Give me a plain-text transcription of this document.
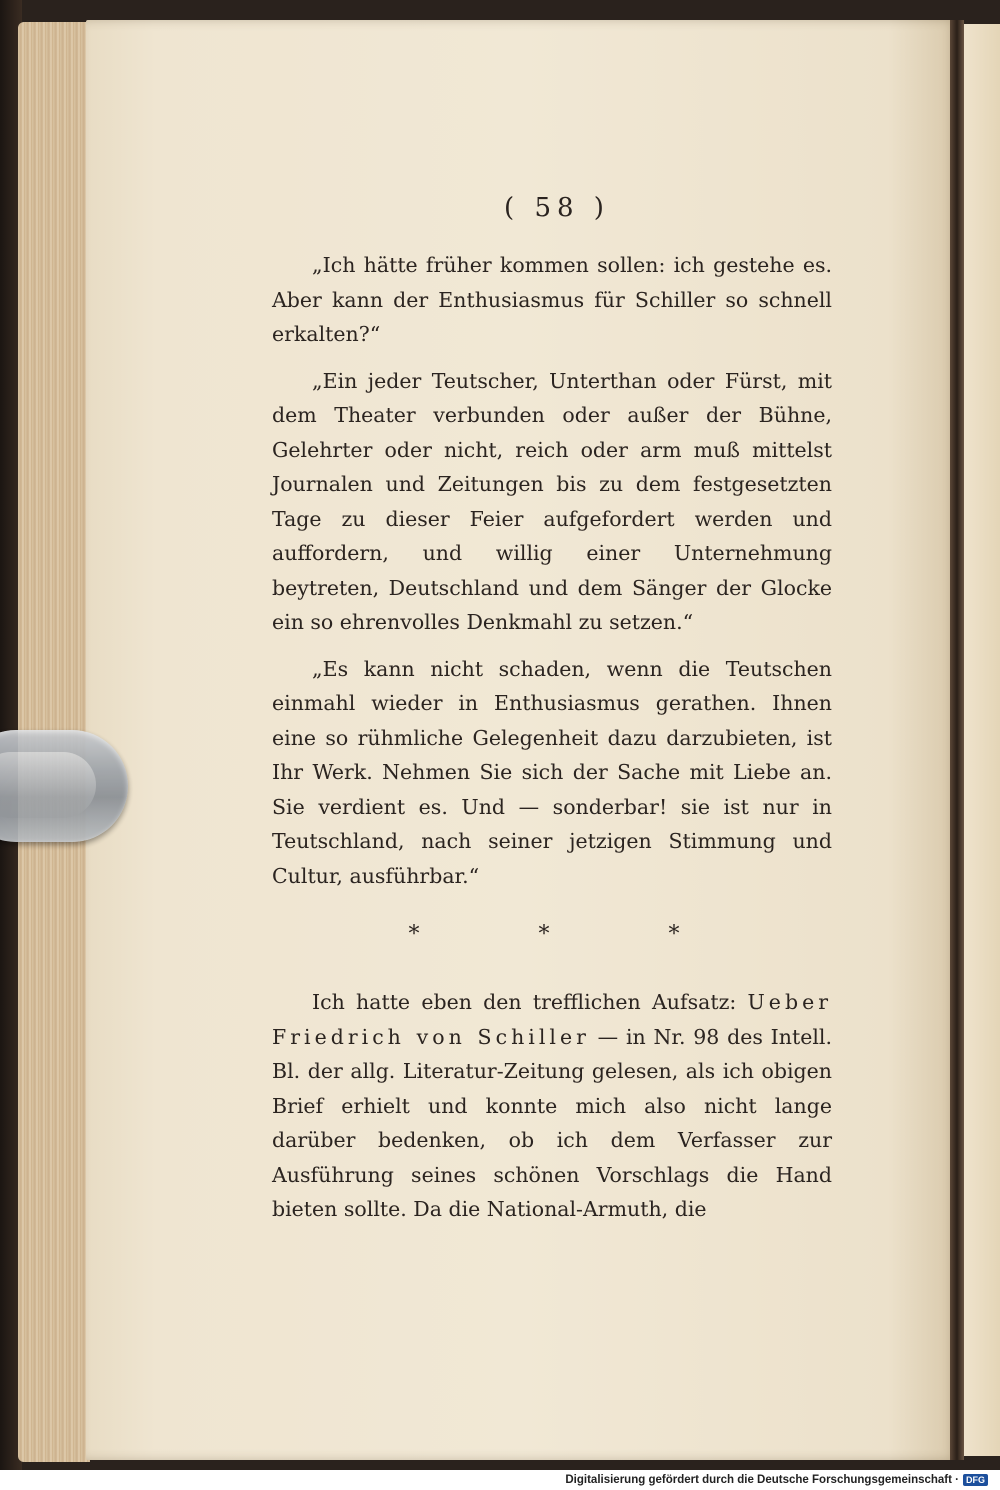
( 58 )

„Ich hätte früher kommen sollen: ich gestehe es. Aber kann der Enthusiasmus für Schiller so schnell erkalten?“

„Ein jeder Teutscher, Unterthan oder Fürst, mit dem Theater verbunden oder außer der Bühne, Gelehrter oder nicht, reich oder arm muß mittelst Journalen und Zeitungen bis zu dem festgesetzten Tage zu dieser Feier aufgefordert werden und auffordern, und willig einer Unternehmung beytreten, Deutschland und dem Sänger der Glocke ein so ehrenvolles Denkmahl zu setzen.“

„Es kann nicht schaden, wenn die Teutschen einmahl wieder in Enthusiasmus gerathen. Ihnen eine so rühmliche Gelegenheit dazu darzubieten, ist Ihr Werk. Nehmen Sie sich der Sache mit Liebe an. Sie verdient es. Und — sonderbar! sie ist nur in Teutschland, nach seiner jetzigen Stimmung und Cultur, ausführbar.“

* * *

Ich hatte eben den trefflichen Aufsatz: Ueber Friedrich von Schiller — in Nr. 98 des Intell. Bl. der allg. Literatur-Zeitung gelesen, als ich obigen Brief erhielt und konnte mich also nicht lange darüber bedenken, ob ich dem Verfasser zur Ausführung seines schönen Vorschlags die Hand bieten sollte. Da die National-Armuth, die

Digitalisierung gefördert durch die Deutsche Forschungsgemeinschaft · DFG
